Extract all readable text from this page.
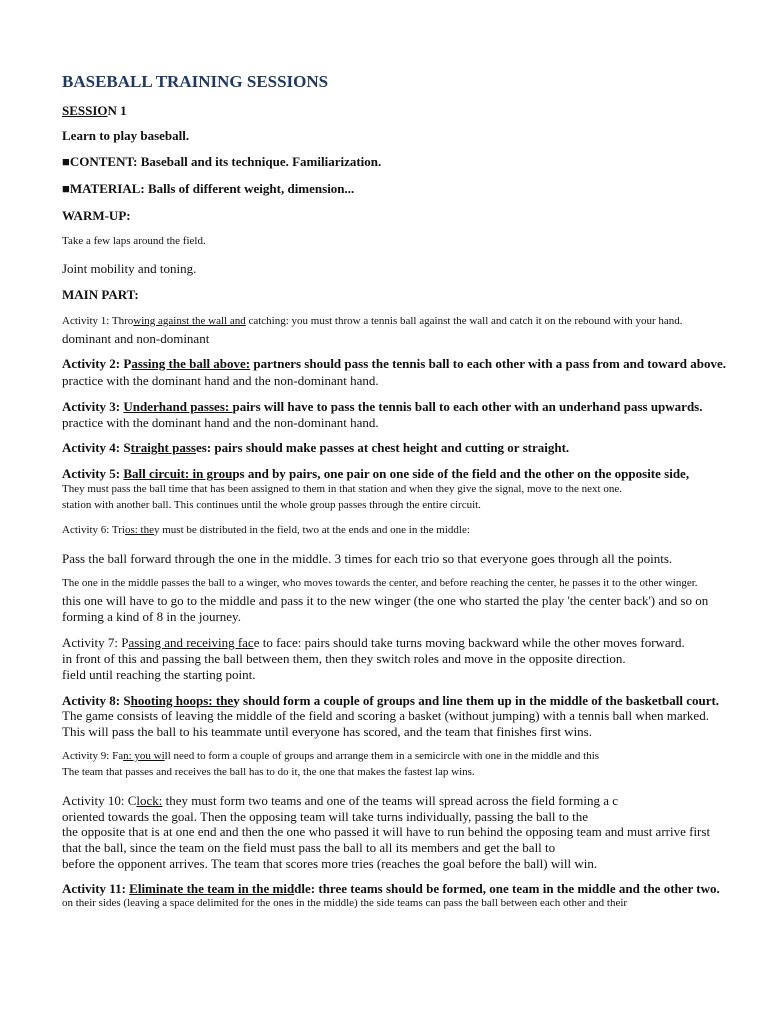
BASEBALL TRAINING SESSIONS
SESSION 1
Learn to play baseball.
■CONTENT: Baseball and its technique. Familiarization.
■MATERIAL: Balls of different weight, dimension...
WARM-UP:
Take a few laps around the field.
Joint mobility and toning.
MAIN PART:
Activity 1: Throwing against the wall and catching: you must throw a tennis ball against the wall and catch it on the rebound with your hand.
dominant and non-dominant
Activity 2: Passing the ball above: partners should pass the tennis ball to each other with a pass from and toward above.
practice with the dominant hand and the non-dominant hand.
Activity 3: Underhand passes: pairs will have to pass the tennis ball to each other with an underhand pass upwards.
practice with the dominant hand and the non-dominant hand.
Activity 4: Straight passes: pairs should make passes at chest height and cutting or straight.
Activity 5: Ball circuit: in groups and by pairs, one pair on one side of the field and the other on the opposite side,
They must pass the ball time that has been assigned to them in that station and when they give the signal, move to the next one.
station with another ball. This continues until the whole group passes through the entire circuit.
Activity 6: Trios: they must be distributed in the field, two at the ends and one in the middle:
Pass the ball forward through the one in the middle. 3 times for each trio so that everyone goes through all the points.
The one in the middle passes the ball to a winger, who moves towards the center, and before reaching the center, he passes it to the other winger.
this one will have to go to the middle and pass it to the new winger (the one who started the play 'the center back') and so on
forming a kind of 8 in the journey.
Activity 7: Passing and receiving face to face: pairs should take turns moving backward while the other moves forward.
in front of this and passing the ball between them, then they switch roles and move in the opposite direction.
field until reaching the starting point.
Activity 8: Shooting hoops: they should form a couple of groups and line them up in the middle of the basketball court.
The game consists of leaving the middle of the field and scoring a basket (without jumping) with a tennis ball when marked.
This will pass the ball to his teammate until everyone has scored, and the team that finishes first wins.
Activity 9: Fan: you will need to form a couple of groups and arrange them in a semicircle with one in the middle and this
The team that passes and receives the ball has to do it, the one that makes the fastest lap wins.
Activity 10: Clock: they must form two teams and one of the teams will spread across the field forming a c
oriented towards the goal. Then the opposing team will take turns individually, passing the ball to the
the opposite that is at one end and then the one who passed it will have to run behind the opposing team and must arrive first
that the ball, since the team on the field must pass the ball to all its members and get the ball to
before the opponent arrives. The team that scores more tries (reaches the goal before the ball) will win.
Activity 11: Eliminate the team in the middle: three teams should be formed, one team in the middle and the other two.
on their sides (leaving a space delimited for the ones in the middle) the side teams can pass the ball between each other and their
